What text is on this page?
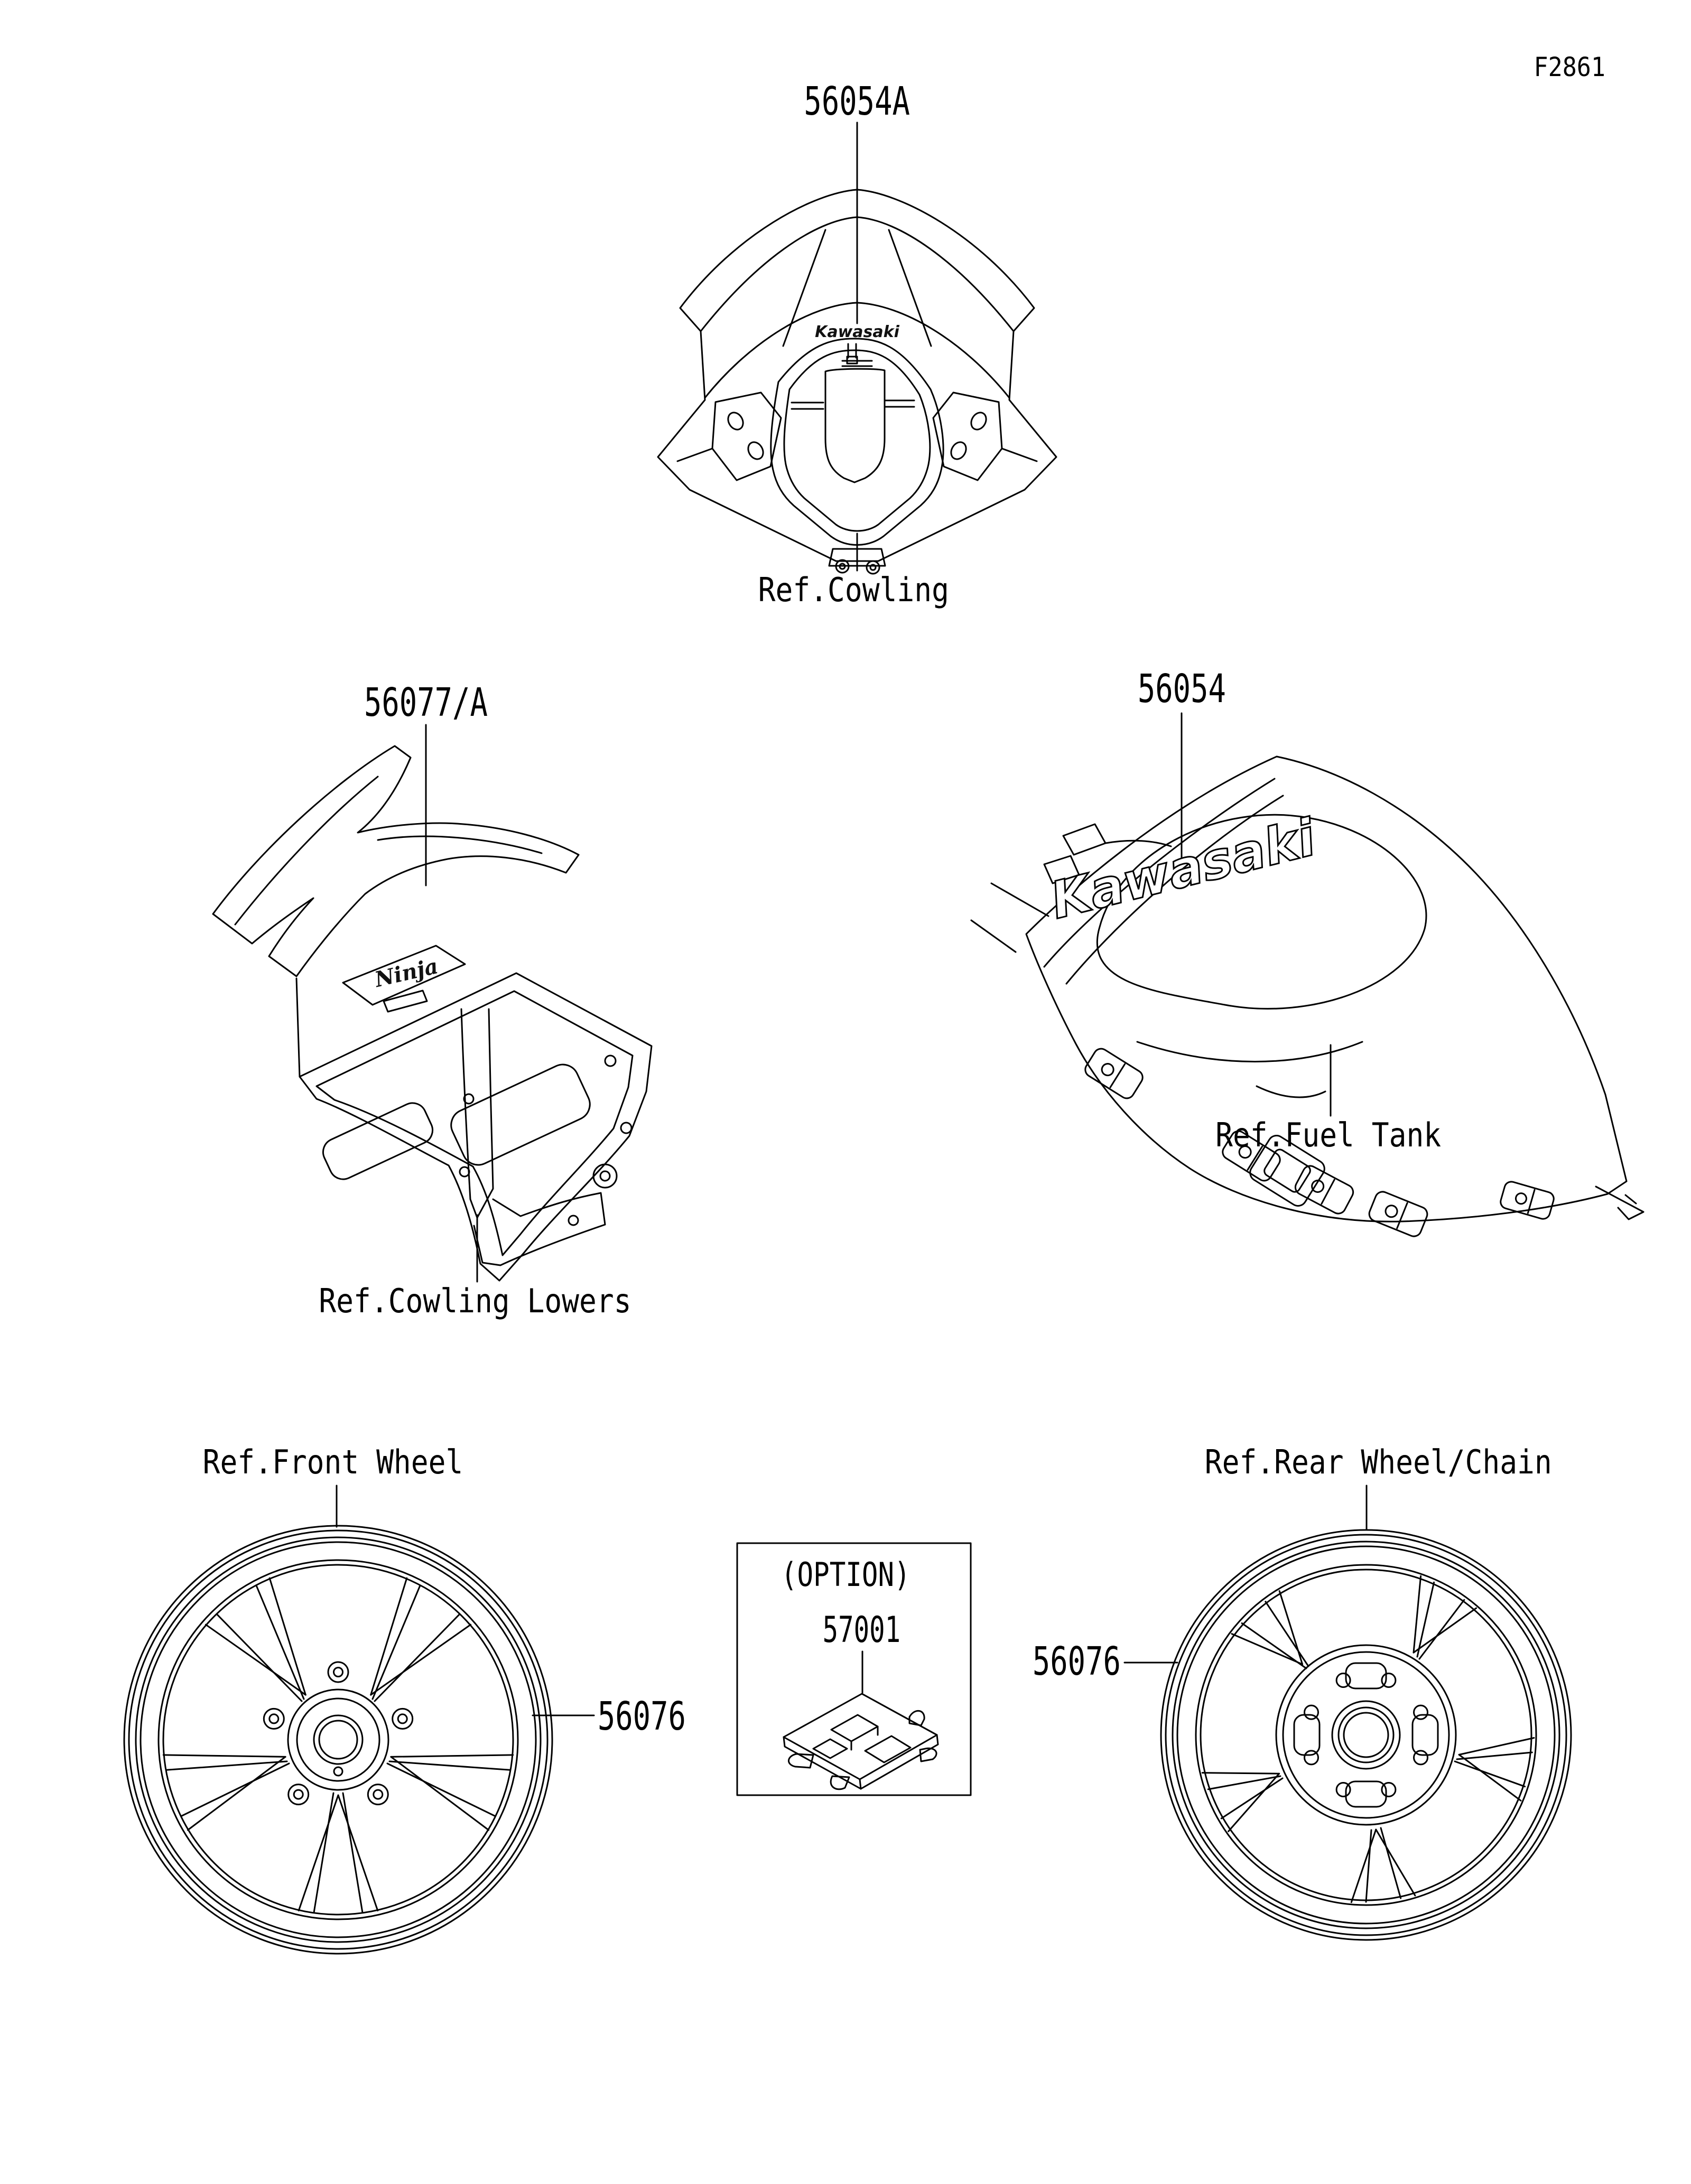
F2861
56054A
Ref.Cowling
56077/A
Ref.Cowling Lowers
56054
Ref.Fuel Tank
Ref.Front Wheel
56076
Ref.Rear Wheel/Chain
56076
(OPTION)
57001
Kawasaki
Ninja
Kawasaki
